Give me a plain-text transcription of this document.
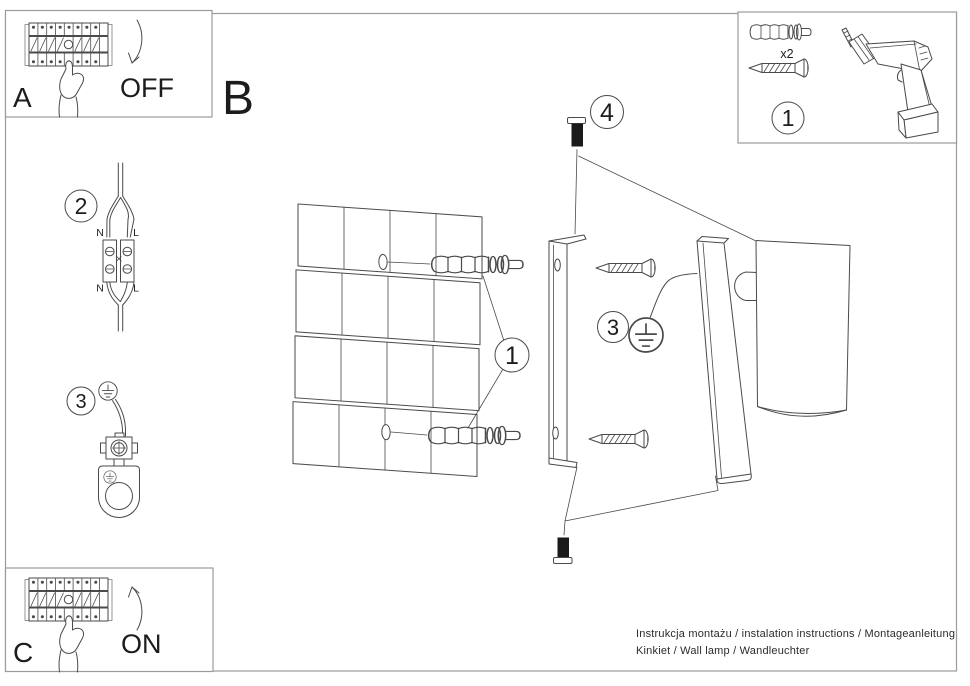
A	OFF
C	ON
x2
1
B
2
N	L
N	L
3
1
3
4
Instrukcja montażu / instalation instructions / Montageanleitung
Kinkiet / Wall lamp / Wandleuchter
